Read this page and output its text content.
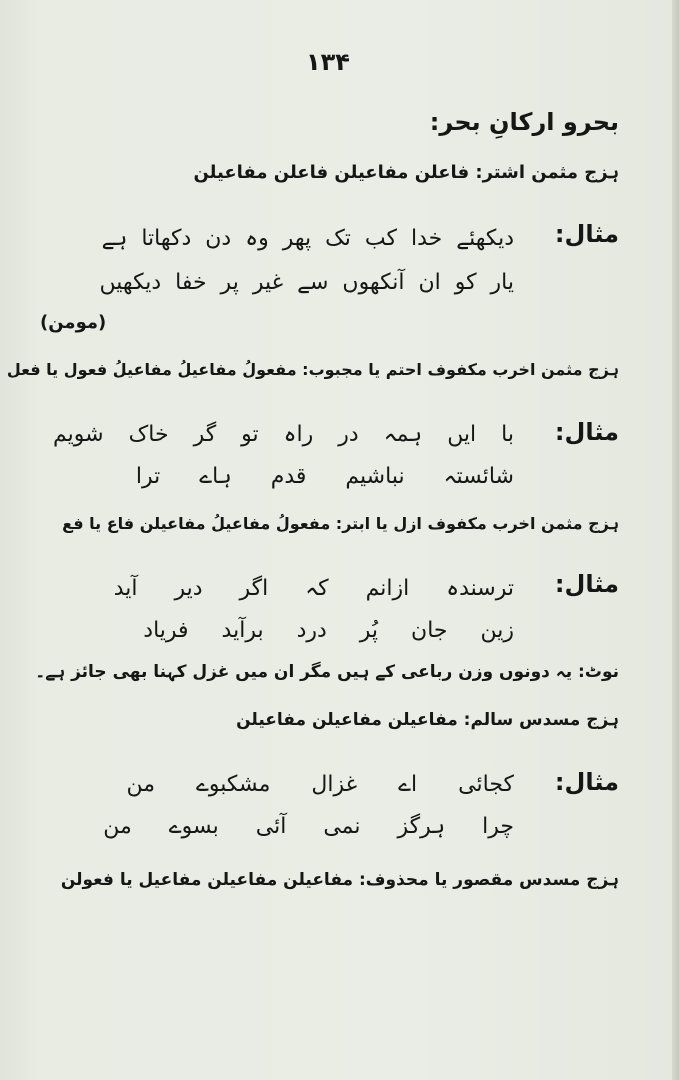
۱۳۴
بحرو ارکانِ بحر:
ہزج مثمن اشتر: فاعلن مفاعیلن فاعلن مفاعیلن
مثال:
دیکھئے خدا کب تک پھر وہ دن دکھاتا ہے
یار کو ان آنکھوں سے غیر پر خفا دیکھیں
(مومن)
ہزج مثمن اخرب مکفوف احتم یا مجبوب: مفعولُ مفاعیلُ مفاعیلُ فعول یا فعل
مثال:
با ایں ہمہ در راہ تو گر خاک شویم
شائستہ نباشیم قدم ہاے ترا
ہزج مثمن اخرب مکفوف ازل یا ابتر: مفعولُ مفاعیلُ مفاعیلن فاع یا فع
مثال:
ترسندہ ازانم کہ اگر دیر آید
زین جان پُر درد برآید فریاد
نوٹ: یہ دونوں وزن رباعی کے ہیں مگر ان میں غزل کہنا بھی جائز ہے۔
ہزج مسدس سالم: مفاعیلن مفاعیلن مفاعیلن
مثال:
کجائی اے غزال مشکبوے من
چرا ہرگز نمی آئی بسوے من
ہزج مسدس مقصور یا محذوف: مفاعیلن مفاعیلن مفاعیل یا فعولن
